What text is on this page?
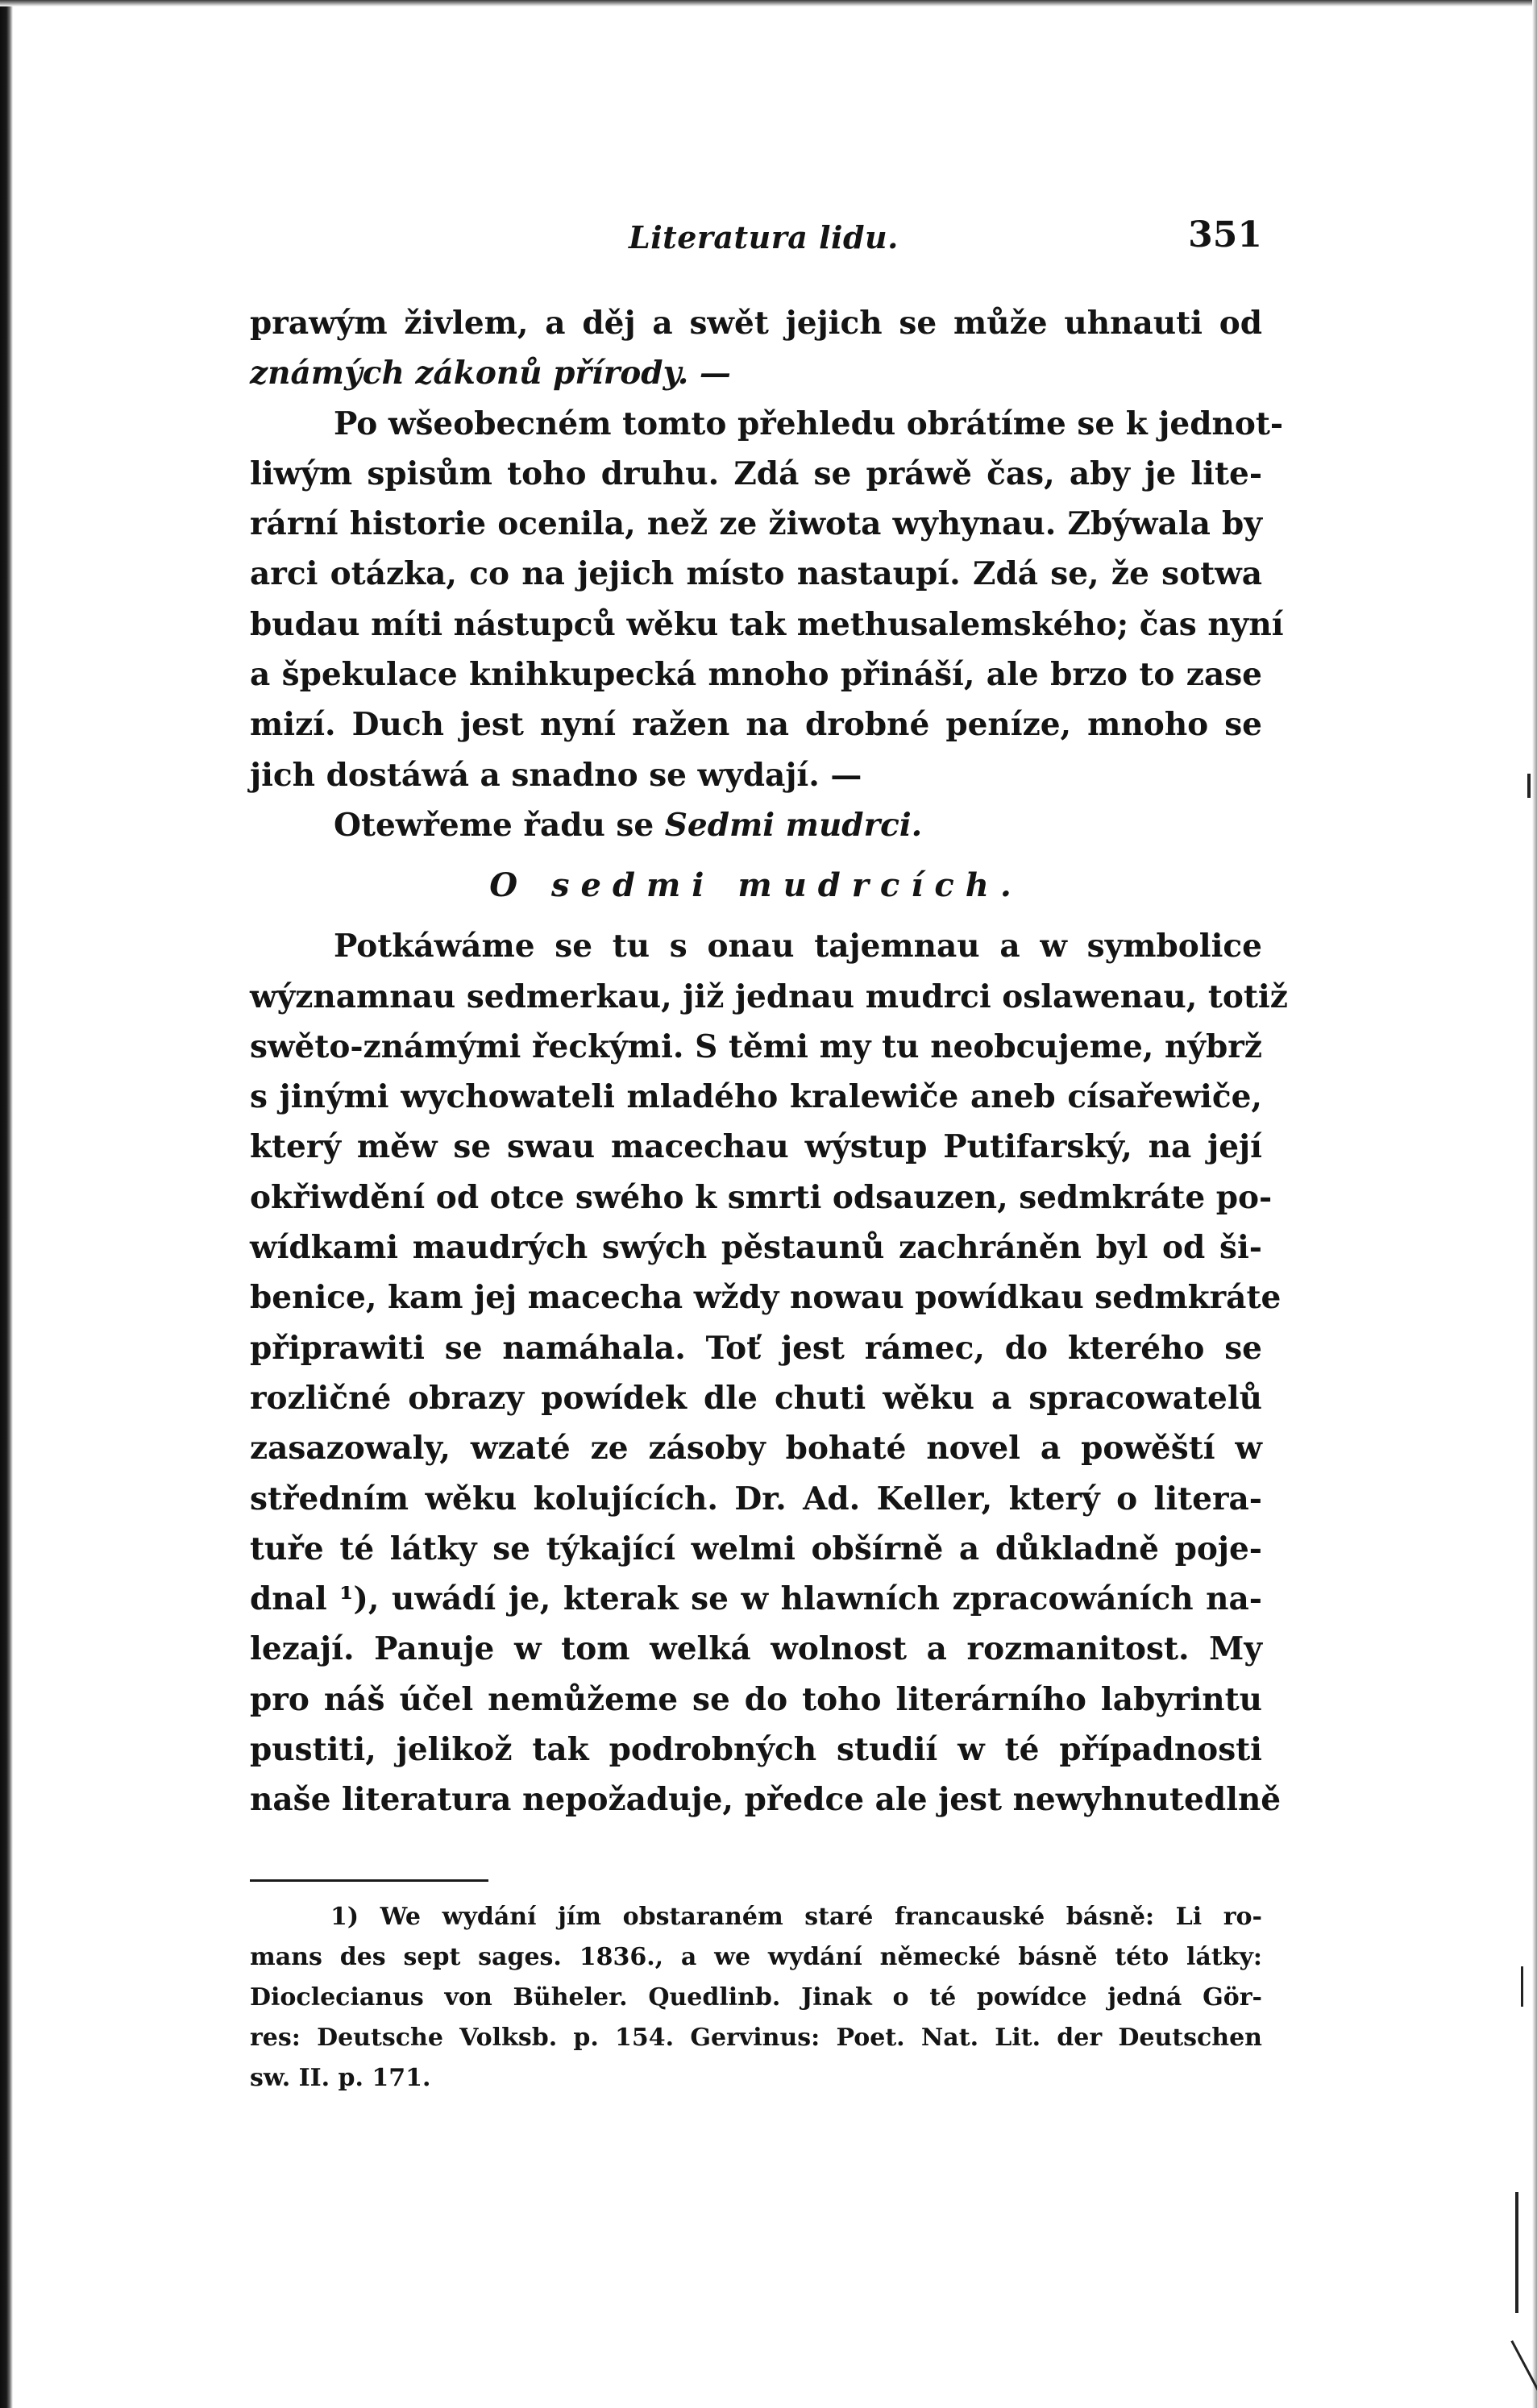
Literatura lidu.	351
prawým živlem, a děj a swět jejich se může uhnauti od
známých zákonů přírody. —
Po wšeobecném tomto přehledu obrátíme se k jednot-
liwým spisům toho druhu. Zdá se práwě čas, aby je lite-
rární historie ocenila, než ze žiwota wyhynau. Zbýwala by
arci otázka, co na jejich místo nastaupí. Zdá se, že sotwa
budau míti nástupců wěku tak methusalemského; čas nyní
a špekulace knihkupecká mnoho přináší, ale brzo to zase
mizí. Duch jest nyní ražen na drobné peníze, mnoho se
jich dostáwá a snadno se wydají. —
Otewřeme řadu se Sedmi mudrci.
O sedmi mudrcích.
Potkáwáme se tu s onau tajemnau a w symbolice
wýznamnau sedmerkau, již jednau mudrci oslawenau, totiž
swěto-známými řeckými. S těmi my tu neobcujeme, nýbrž
s jinými wychowateli mladého kralewiče aneb císařewiče,
který měw se swau macechau wýstup Putifarský, na její
okřiwdění od otce swého k smrti odsauzen, sedmkráte po-
wídkami maudrých swých pěstaunů zachráněn byl od ši-
benice, kam jej macecha wždy nowau powídkau sedmkráte
připrawiti se namáhala. Toť jest rámec, do kterého se
rozličné obrazy powídek dle chuti wěku a spracowatelů
zasazowaly, wzaté ze zásoby bohaté novel a powěští w
středním wěku kolujících. Dr. Ad. Keller, který o litera-
tuře té látky se týkající welmi obšírně a důkladně poje-
dnal ¹), uwádí je, kterak se w hlawních zpracowáních na-
lezají. Panuje w tom welká wolnost a rozmanitost. My
pro náš účel nemůžeme se do toho literárního labyrintu
pustiti, jelikož tak podrobných studií w té případnosti
naše literatura nepožaduje, předce ale jest newyhnutedlně
1) We wydání jím obstaraném staré francauské básně: Li ro-
mans des sept sages. 1836., a we wydání německé básně této látky:
Dioclecianus von Büheler. Quedlinb. Jinak o té powídce jedná Gör-
res: Deutsche Volksb. p. 154. Gervinus: Poet. Nat. Lit. der Deutschen
sw. II. p. 171.
